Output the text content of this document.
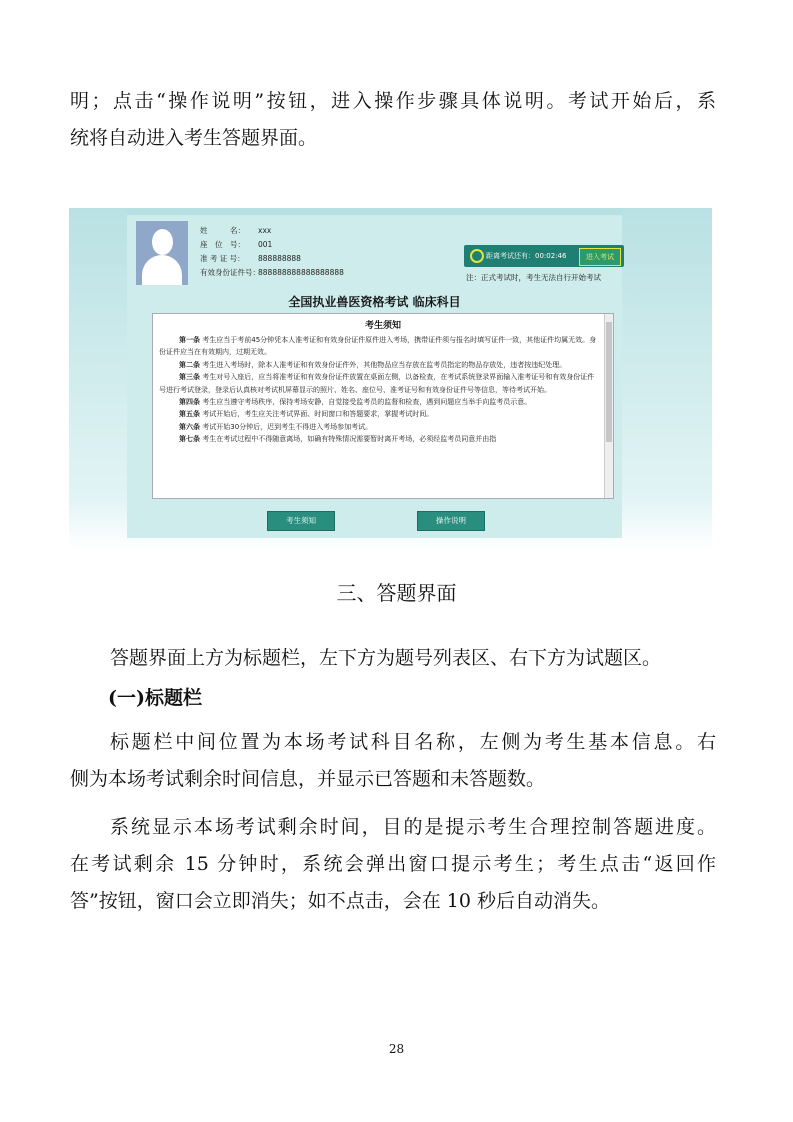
明；点击“操作说明”按钮，进入操作步骤具体说明。考试开始后，系

统将自动进入考生答题界面。

姓　　　名： xxx
座　位　号： 001
准 考 证 号： 888888888
有效身份证件号：888888888888888888
距离考试还有：00:02:46	进入考试
注：正式考试时，考生无法自行开始考试
全国执业兽医资格考试 临床科目
考生须知

第一条 考生应当于考前45分钟凭本人准考证和有效身份证件原件进入考场，携带证件须与报名时填写证件一致，其他证件均属无效。身份证件应当在有效期内，过期无效。

第二条 考生进入考场时，除本人准考证和有效身份证件外，其他物品应当存放在监考员指定的物品存放处，违者按违纪处理。

第三条 考生对号入座后，应当将准考证和有效身份证件放置在桌面左侧，以备检查，在考试系统登录界面输入准考证号和有效身份证件号进行考试登录，登录后认真核对考试机屏幕显示的照片、姓名、座位号、准考证号和有效身份证件号等信息，等待考试开始。

第四条 考生应当遵守考场秩序，保持考场安静，自觉接受监考员的监督和检查，遇到问题应当举手向监考员示意。

第五条 考试开始后，考生应关注考试界面、时间窗口和答题要求，掌握考试时间。

第六条 考试开始30分钟后，迟到考生不得进入考场参加考试。

第七条 考生在考试过程中不得随意离场，如确有特殊情况需要暂时离开考场，必须经监考员同意并由指

考生须知	操作说明
三、答题界面

答题界面上方为标题栏，左下方为题号列表区、右下方为试题区。

(一)标题栏

标题栏中间位置为本场考试科目名称，左侧为考生基本信息。右

侧为本场考试剩余时间信息，并显示已答题和未答题数。

系统显示本场考试剩余时间，目的是提示考生合理控制答题进度。

在考试剩余 15 分钟时，系统会弹出窗口提示考生；考生点击“返回作

答”按钮，窗口会立即消失；如不点击，会在 10 秒后自动消失。

28
